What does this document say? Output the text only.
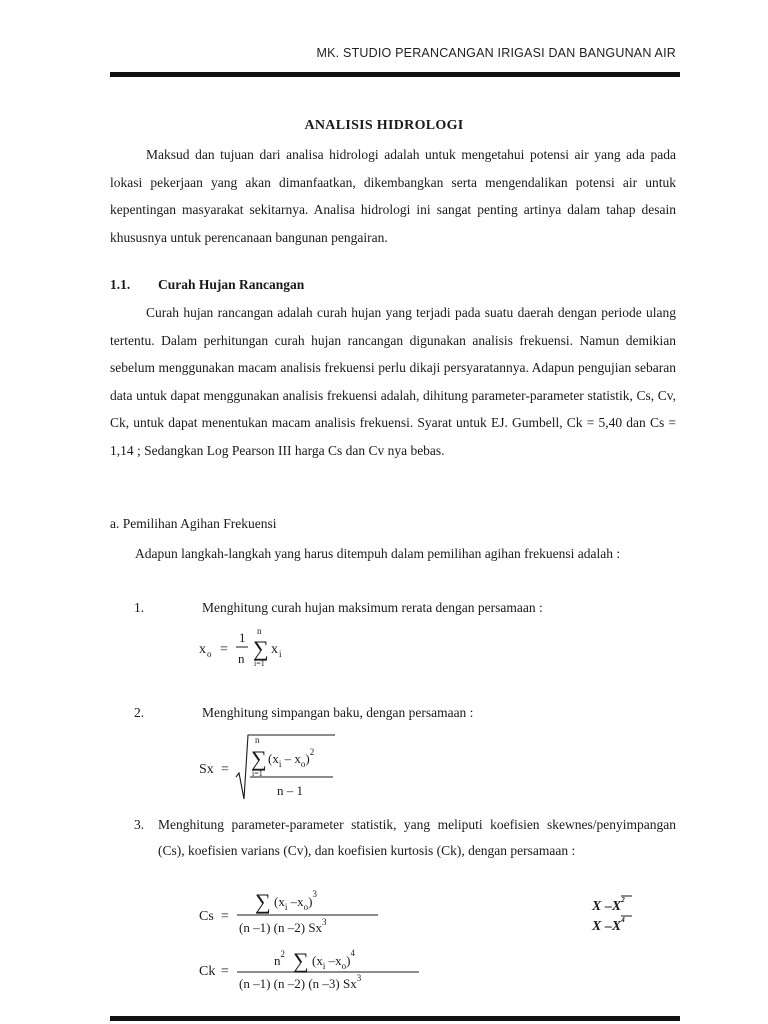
MK. STUDIO PERANCANGAN IRIGASI DAN BANGUNAN AIR
ANALISIS HIDROLOGI

Maksud dan tujuan dari analisa hidrologi adalah untuk mengetahui potensi air yang ada pada lokasi pekerjaan yang akan dimanfaatkan, dikembangkan serta mengendalikan potensi air untuk kepentingan masyarakat sekitarnya. Analisa hidrologi ini sangat penting artinya dalam tahap desain khususnya untuk perencanaan bangunan pengairan.

1.1. Curah Hujan Rancangan

Curah hujan rancangan adalah curah hujan yang terjadi pada suatu daerah dengan periode ulang tertentu. Dalam perhitungan curah hujan rancangan digunakan analisis frekuensi. Namun demikian sebelum menggunakan macam analisis frekuensi perlu dikaji persyaratannya. Adapun pengujian sebaran data untuk dapat menggunakan analisis frekuensi adalah, dihitung parameter-parameter statistik, Cs, Cv, Ck, untuk dapat menentukan macam analisis frekuensi. Syarat untuk EJ. Gumbell, Ck = 5,40 dan Cs = 1,14 ; Sedangkan Log Pearson III harga Cs dan Cv nya bebas.

a. Pemilihan Agihan Frekuensi

Adapun langkah-langkah yang harus ditempuh dalam pemilihan agihan frekuensi adalah :

1.	Menghitung curah hujan maksimum rerata dengan persamaan :
x o =
1
n
n
∑
i=1
x i
2.	Menghitung simpangan baku, dengan persamaan :
Sx =
n
∑
i=1
$(x_i - x_o)^2$
n – 1
3. Menghitung parameter-parameter statistik, yang meliputi koefisien skewnes/penyimpangan (Cs), koefisien varians (Cv), dan koefisien kurtosis (Ck), dengan persamaan :
Cs =
∑ ($x_i$ $-x_o)^3$
(n –1) (n –2) Sx$^3$
X $-X^2$
X $-X^4$
Ck =
$n^2$ ∑ ($x_i$ $-x_o)^4$
(n –1) (n –2) (n –3) Sx$^3$
